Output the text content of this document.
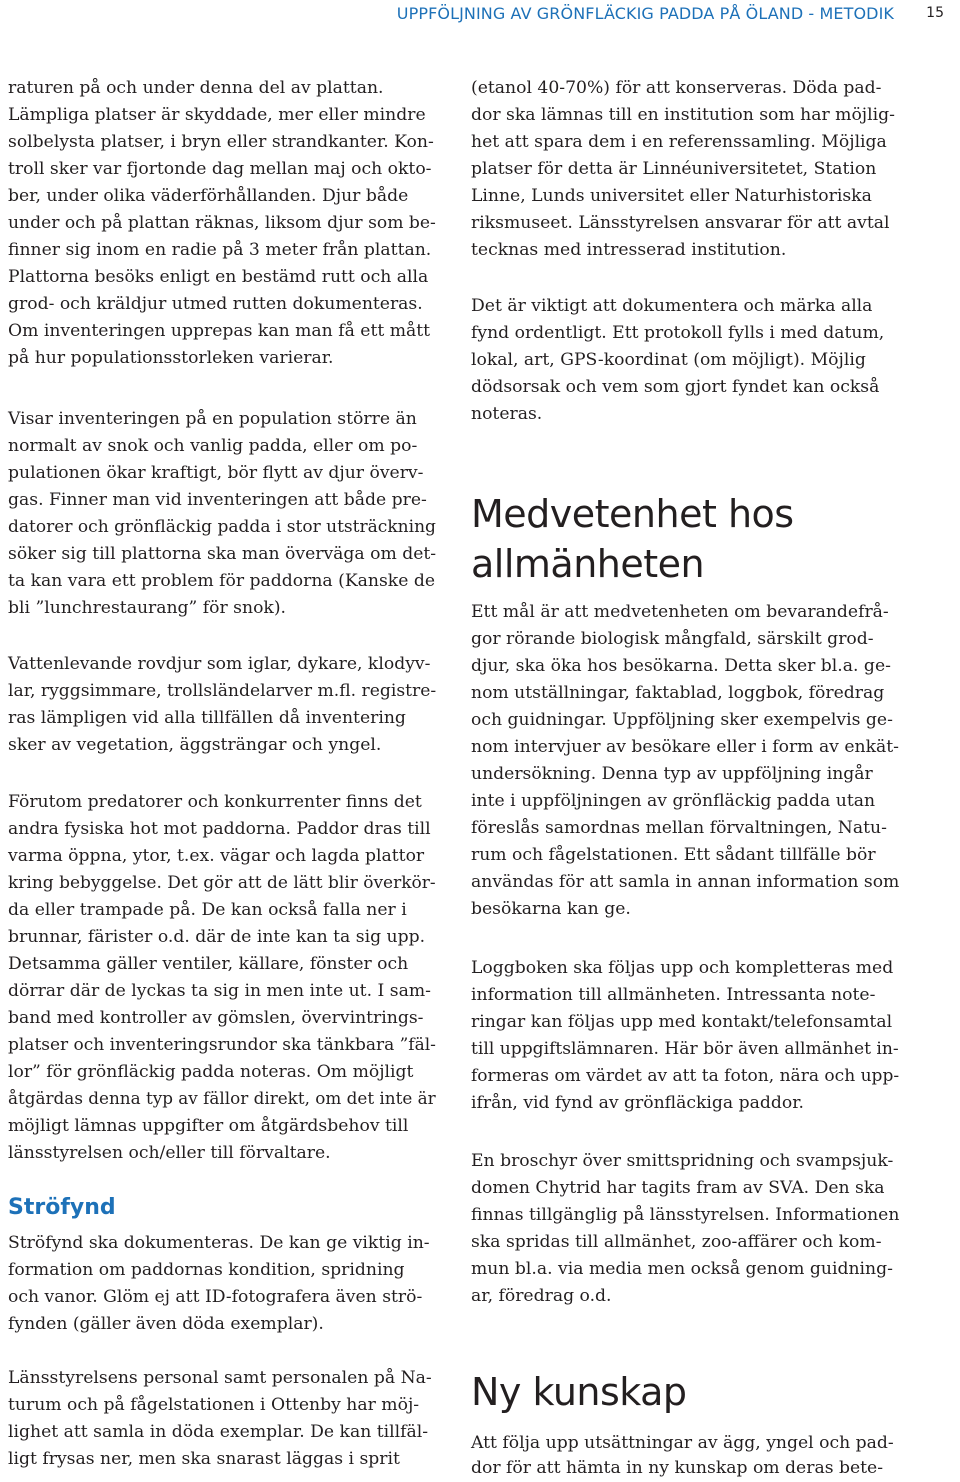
UPPFÖLJNING AV GRÖNFLÄCKIG PADDA PÅ ÖLAND - METODIK 15
raturen på och under denna del av plattan.
Lämpliga platser är skyddade, mer eller mindre
solbelysta platser, i bryn eller strandkanter. Kon-
troll sker var fjortonde dag mellan maj och okto-
ber, under olika väderförhållanden. Djur både
under och på plattan räknas, liksom djur som be-
finner sig inom en radie på 3 meter från plattan.
Plattorna besöks enligt en bestämd rutt och alla
grod- och kräldjur utmed rutten dokumenteras.
Om inventeringen upprepas kan man få ett mått
på hur populationsstorleken varierar.
Visar inventeringen på en population större än
normalt av snok och vanlig padda, eller om po-
pulationen ökar kraftigt, bör flytt av djur överv-
gas. Finner man vid inventeringen att både pre-
datorer och grönfläckig padda i stor utsträckning
söker sig till plattorna ska man överväga om det-
ta kan vara ett problem för paddorna (Kanske de
bli ”lunchrestaurang” för snok).
Vattenlevande rovdjur som iglar, dykare, klodyv-
lar, ryggsimmare, trollsländelarver m.fl. registre-
ras lämpligen vid alla tillfällen då inventering
sker av vegetation, äggsträngar och yngel.
Förutom predatorer och konkurrenter finns det
andra fysiska hot mot paddorna. Paddor dras till
varma öppna, ytor, t.ex. vägar och lagda plattor
kring bebyggelse. Det gör att de lätt blir överkör-
da eller trampade på. De kan också falla ner i
brunnar, färister o.d. där de inte kan ta sig upp.
Detsamma gäller ventiler, källare, fönster och
dörrar där de lyckas ta sig in men inte ut. I sam-
band med kontroller av gömslen, övervintrings-
platser och inventeringsrundor ska tänkbara ”fäl-
lor” för grönfläckig padda noteras. Om möjligt
åtgärdas denna typ av fällor direkt, om det inte är
möjligt lämnas uppgifter om åtgärdsbehov till
länsstyrelsen och/eller till förvaltare.
Ströfynd
Ströfynd ska dokumenteras. De kan ge viktig in-
formation om paddornas kondition, spridning
och vanor. Glöm ej att ID-fotografera även strö-
fynden (gäller även döda exemplar).
Länsstyrelsens personal samt personalen på Na-
turum och på fågelstationen i Ottenby har möj-
lighet att samla in döda exemplar. De kan tillfäl-
ligt frysas ner, men ska snarast läggas i sprit
(etanol 40-70%) för att konserveras. Döda pad-
dor ska lämnas till en institution som har möjlig-
het att spara dem i en referenssamling. Möjliga
platser för detta är Linnéuniversitetet, Station
Linne, Lunds universitet eller Naturhistoriska
riksmuseet. Länsstyrelsen ansvarar för att avtal
tecknas med intresserad institution.
Det är viktigt att dokumentera och märka alla
fynd ordentligt. Ett protokoll fylls i med datum,
lokal, art, GPS-koordinat (om möjligt). Möjlig
dödsorsak och vem som gjort fyndet kan också
noteras.
Medvetenhet hos
allmänheten
Ett mål är att medvetenheten om bevarandefrå-
gor rörande biologisk mångfald, särskilt grod-
djur, ska öka hos besökarna. Detta sker bl.a. ge-
nom utställningar, faktablad, loggbok, föredrag
och guidningar. Uppföljning sker exempelvis ge-
nom intervjuer av besökare eller i form av enkät-
undersökning. Denna typ av uppföljning ingår
inte i uppföljningen av grönfläckig padda utan
föreslås samordnas mellan förvaltningen, Natu-
rum och fågelstationen. Ett sådant tillfälle bör
användas för att samla in annan information som
besökarna kan ge.
Loggboken ska följas upp och kompletteras med
information till allmänheten. Intressanta note-
ringar kan följas upp med kontakt/telefonsamtal
till uppgiftslämnaren. Här bör även allmänhet in-
formeras om värdet av att ta foton, nära och upp-
ifrån, vid fynd av grönfläckiga paddor.
En broschyr över smittspridning och svampsjuk-
domen Chytrid har tagits fram av SVA. Den ska
finnas tillgänglig på länsstyrelsen. Informationen
ska spridas till allmänhet, zoo-affärer och kom-
mun bl.a. via media men också genom guidning-
ar, föredrag o.d.
Ny kunskap
Att följa upp utsättningar av ägg, yngel och pad-
dor för att hämta in ny kunskap om deras bete-
